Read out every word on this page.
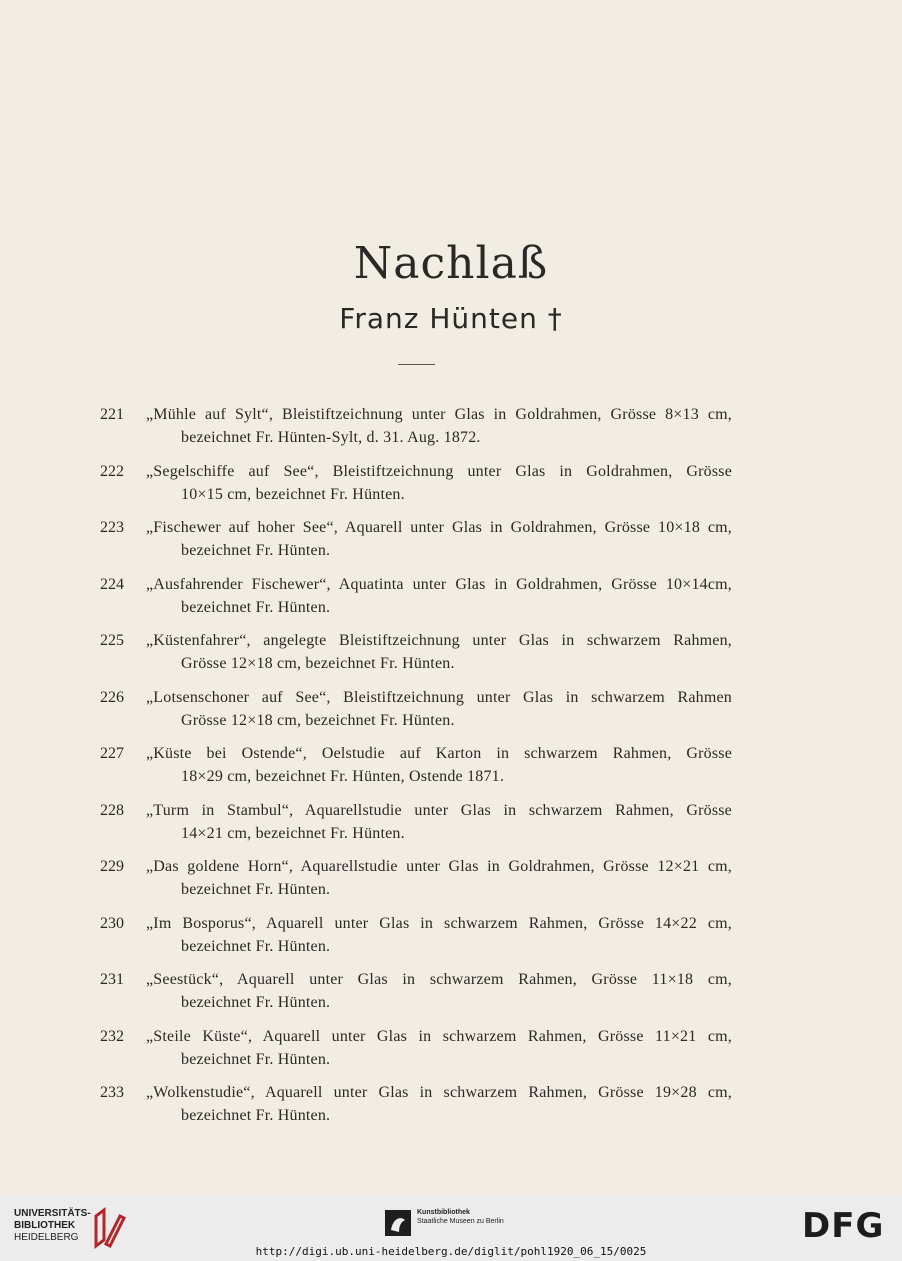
Nachlaß
Franz Hünten †
221	„Mühle auf Sylt“, Bleistiftzeichnung unter Glas in Goldrahmen, Grösse 8×13 cm,
bezeichnet Fr. Hünten-Sylt, d. 31. Aug. 1872.
222	„Segelschiffe auf See“, Bleistiftzeichnung unter Glas in Goldrahmen, Grösse
10×15 cm, bezeichnet Fr. Hünten.
223	„Fischewer auf hoher See“, Aquarell unter Glas in Goldrahmen, Grösse 10×18 cm,
bezeichnet Fr. Hünten.
224	„Ausfahrender Fischewer“, Aquatinta unter Glas in Goldrahmen, Grösse 10×14cm,
bezeichnet Fr. Hünten.
225	„Küstenfahrer“, angelegte Bleistiftzeichnung unter Glas in schwarzem Rahmen,
Grösse 12×18 cm, bezeichnet Fr. Hünten.
226	„Lotsenschoner auf See“, Bleistiftzeichnung unter Glas in schwarzem Rahmen
Grösse 12×18 cm, bezeichnet Fr. Hünten.
227	„Küste bei Ostende“, Oelstudie auf Karton in schwarzem Rahmen, Grösse
18×29 cm, bezeichnet Fr. Hünten, Ostende 1871.
228	„Turm in Stambul“, Aquarellstudie unter Glas in schwarzem Rahmen, Grösse
14×21 cm, bezeichnet Fr. Hünten.
229	„Das goldene Horn“, Aquarellstudie unter Glas in Goldrahmen, Grösse 12×21 cm,
bezeichnet Fr. Hünten.
230	„Im Bosporus“, Aquarell unter Glas in schwarzem Rahmen, Grösse 14×22 cm,
bezeichnet Fr. Hünten.
231	„Seestück“, Aquarell unter Glas in schwarzem Rahmen, Grösse 11×18 cm,
bezeichnet Fr. Hünten.
232	„Steile Küste“, Aquarell unter Glas in schwarzem Rahmen, Grösse 11×21 cm,
bezeichnet Fr. Hünten.
233	„Wolkenstudie“, Aquarell unter Glas in schwarzem Rahmen, Grösse 19×28 cm,
bezeichnet Fr. Hünten.
UNIVERSITÄTS-
BIBLIOTHEK
HEIDELBERG
Kunstbibliothek
Staatliche Museen zu Berlin	DFG
http://digi.ub.uni-heidelberg.de/diglit/pohl1920_06_15/0025
